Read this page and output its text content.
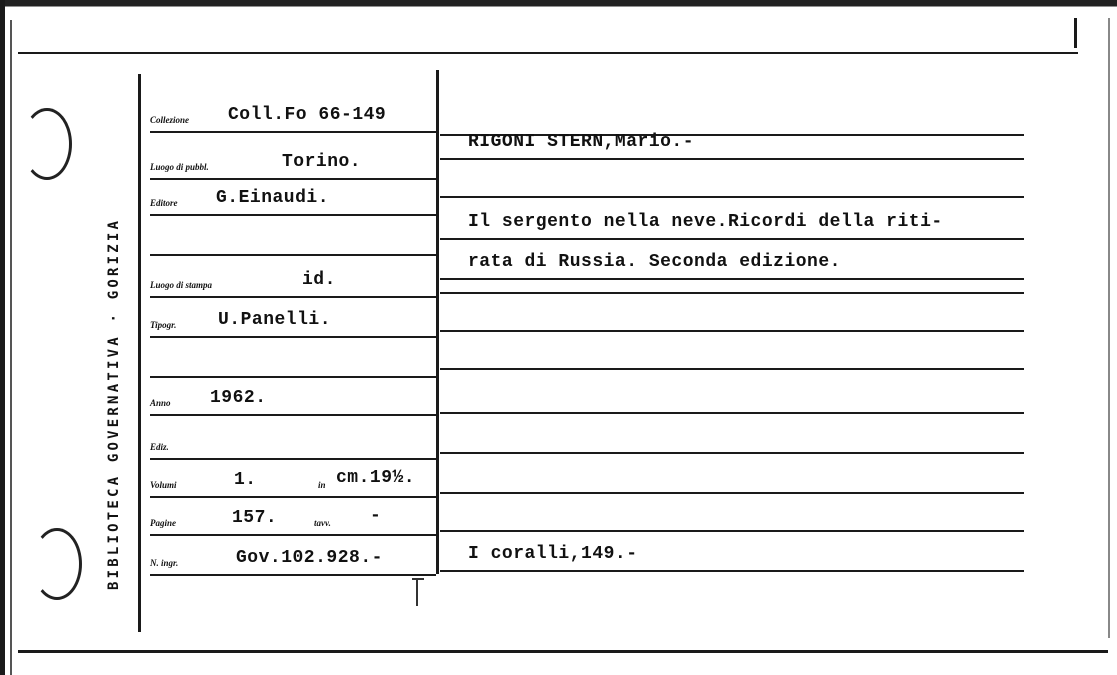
BIBLIOTECA GOVERNATIVA · GORIZIA
Collezione Coll.Fo 66-149
Luogo di pubbl.	Torino.
Editore G.Einaudi.
Luogo di stampa	id.
Tipogr. U.Panelli.
Anno 1962.
Ediz.
Volumi	1.	in cm.19½.
Pagine	157.	tavv. -
N. ingr.	Gov.102.928.-
RIGONI STERN,Mario.-
Il sergento nella neve.Ricordi della riti-
rata di Russia. Seconda edizione.
I coralli,149.-
